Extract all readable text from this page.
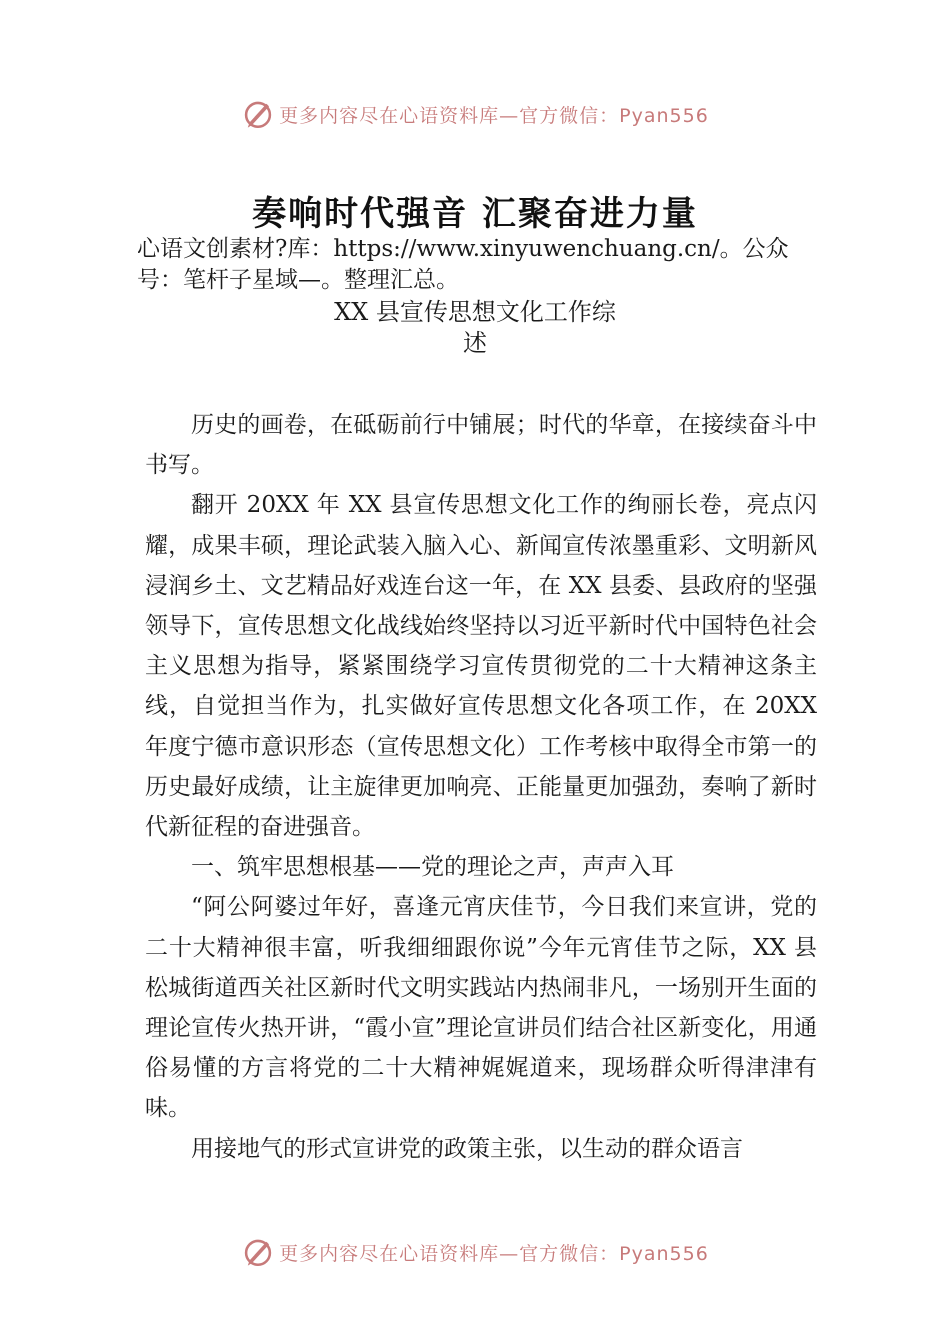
更多内容尽在心语资料库—官方微信：Pyan556
奏响时代强音 汇聚奋进力量
心语文创素材?库：https://www.xinyuwenchuang.cn/。公众号：笔杆子星域—。整理汇总。
XX 县宣传思想文化工作综
述

历史的画卷，在砥砺前行中铺展；时代的华章，在接续奋斗中书写。

翻开 20XX 年 XX 县宣传思想文化工作的绚丽长卷，亮点闪耀，成果丰硕，理论武装入脑入心、新闻宣传浓墨重彩、文明新风浸润乡土、文艺精品好戏连台这一年，在 XX 县委、县政府的坚强领导下，宣传思想文化战线始终坚持以习近平新时代中国特色社会主义思想为指导，紧紧围绕学习宣传贯彻党的二十大精神这条主线，自觉担当作为，扎实做好宣传思想文化各项工作，在 20XX 年度宁德市意识形态（宣传思想文化）工作考核中取得全市第一的历史最好成绩，让主旋律更加响亮、正能量更加强劲，奏响了新时代新征程的奋进强音。

一、筑牢思想根基——党的理论之声，声声入耳

“阿公阿婆过年好，喜逢元宵庆佳节，今日我们来宣讲，党的二十大精神很丰富，听我细细跟你说”今年元宵佳节之际，XX 县松城街道西关社区新时代文明实践站内热闹非凡，一场别开生面的理论宣传火热开讲，“霞小宣”理论宣讲员们结合社区新变化，用通俗易懂的方言将党的二十大精神娓娓道来，现场群众听得津津有味。

用接地气的形式宣讲党的政策主张，以生动的群众语言

更多内容尽在心语资料库—官方微信：Pyan556
